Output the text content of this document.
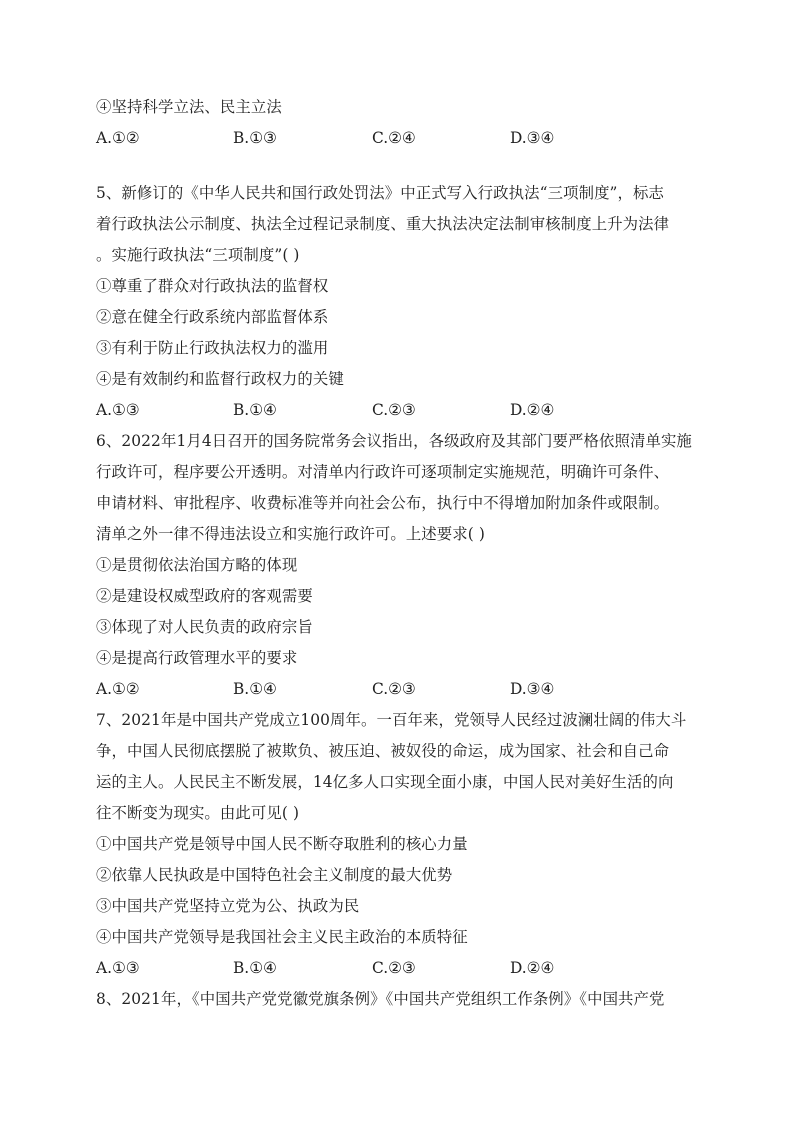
④坚持科学立法、民主立法
A.①②	B.①③	C.②④	D.③④
5、新修订的《中华人民共和国行政处罚法》中正式写入行政执法“三项制度”，标志
着行政执法公示制度、执法全过程记录制度、重大执法决定法制审核制度上升为法律
。实施行政执法“三项制度”( )
①尊重了群众对行政执法的监督权
②意在健全行政系统内部监督体系
③有利于防止行政执法权力的滥用
④是有效制约和监督行政权力的关键
A.①③	B.①④	C.②③	D.②④
6、2022年1月4日召开的国务院常务会议指出，各级政府及其部门要严格依照清单实施
行政许可，程序要公开透明。对清单内行政许可逐项制定实施规范，明确许可条件、
申请材料、审批程序、收费标准等并向社会公布，执行中不得增加附加条件或限制。
清单之外一律不得违法设立和实施行政许可。上述要求( )
①是贯彻依法治国方略的体现
②是建设权威型政府的客观需要
③体现了对人民负责的政府宗旨
④是提高行政管理水平的要求
A.①②	B.①④	C.②③	D.③④
7、2021年是中国共产党成立100周年。一百年来，党领导人民经过波澜壮阔的伟大斗
争，中国人民彻底摆脱了被欺负、被压迫、被奴役的命运，成为国家、社会和自己命
运的主人。人民民主不断发展，14亿多人口实现全面小康，中国人民对美好生活的向
往不断变为现实。由此可见( )
①中国共产党是领导中国人民不断夺取胜利的核心力量
②依靠人民执政是中国特色社会主义制度的最大优势
③中国共产党坚持立党为公、执政为民
④中国共产党领导是我国社会主义民主政治的本质特征
A.①③	B.①④	C.②③	D.②④
8、2021年，《中国共产党党徽党旗条例》《中国共产党组织工作条例》《中国共产党
